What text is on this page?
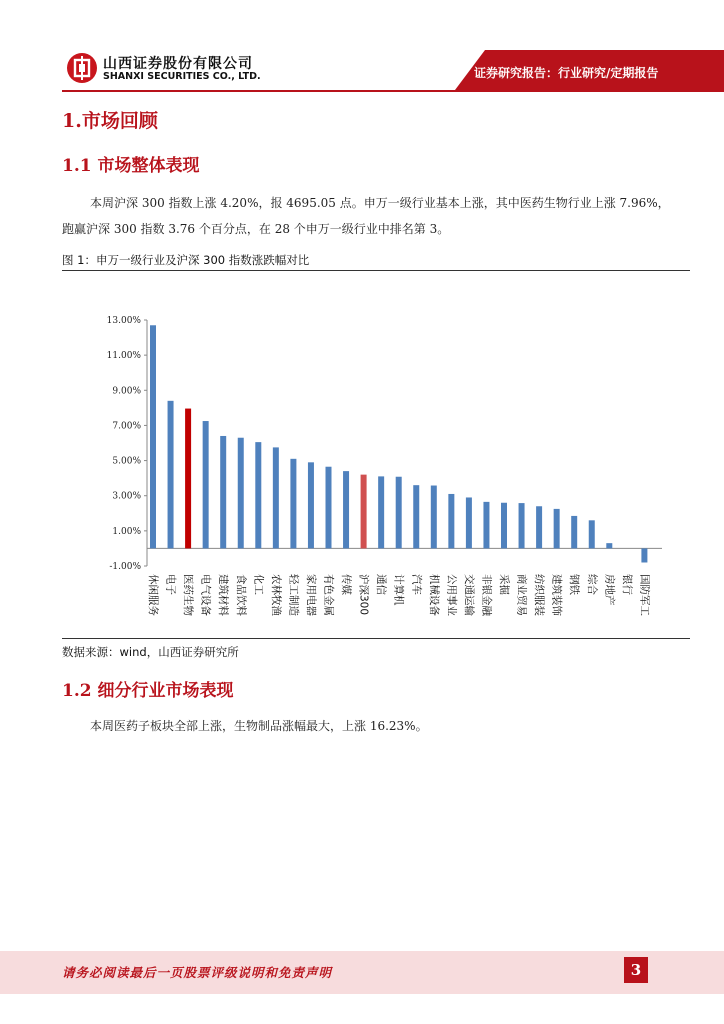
山西证券股份有限公司
SHANXI SECURITIES CO., LTD.	证券研究报告：行业研究/定期报告
1.市场回顾
1.1 市场整体表现
本周沪深 300 指数上涨 4.20%，报 4695.05 点。申万一级行业基本上涨，其中医药生物行业上涨 7.96%，
跑赢沪深 300 指数 3.76 个百分点，在 28 个申万一级行业中排名第 3。
图 1：申万一级行业及沪深 300 指数涨跌幅对比
-1.00%
1.00%
3.00%
5.00%
7.00%
9.00%
11.00%
13.00%
休闲服务 电子 医药生物 电气设备 建筑材料 食品饮料 化工 农林牧渔 轻工制造 家用电器 有色金属 传媒 沪深300 通信 计算机 汽车 机械设备 公用事业 交通运输 非银金融 采掘 商业贸易 纺织服装 建筑装饰 钢铁 综合 房地产 银行 国防军工
数据来源：wind，山西证券研究所
1.2 细分行业市场表现
本周医药子板块全部上涨，生物制品涨幅最大，上涨 16.23%。
请务必阅读最后一页股票评级说明和免责声明	3
